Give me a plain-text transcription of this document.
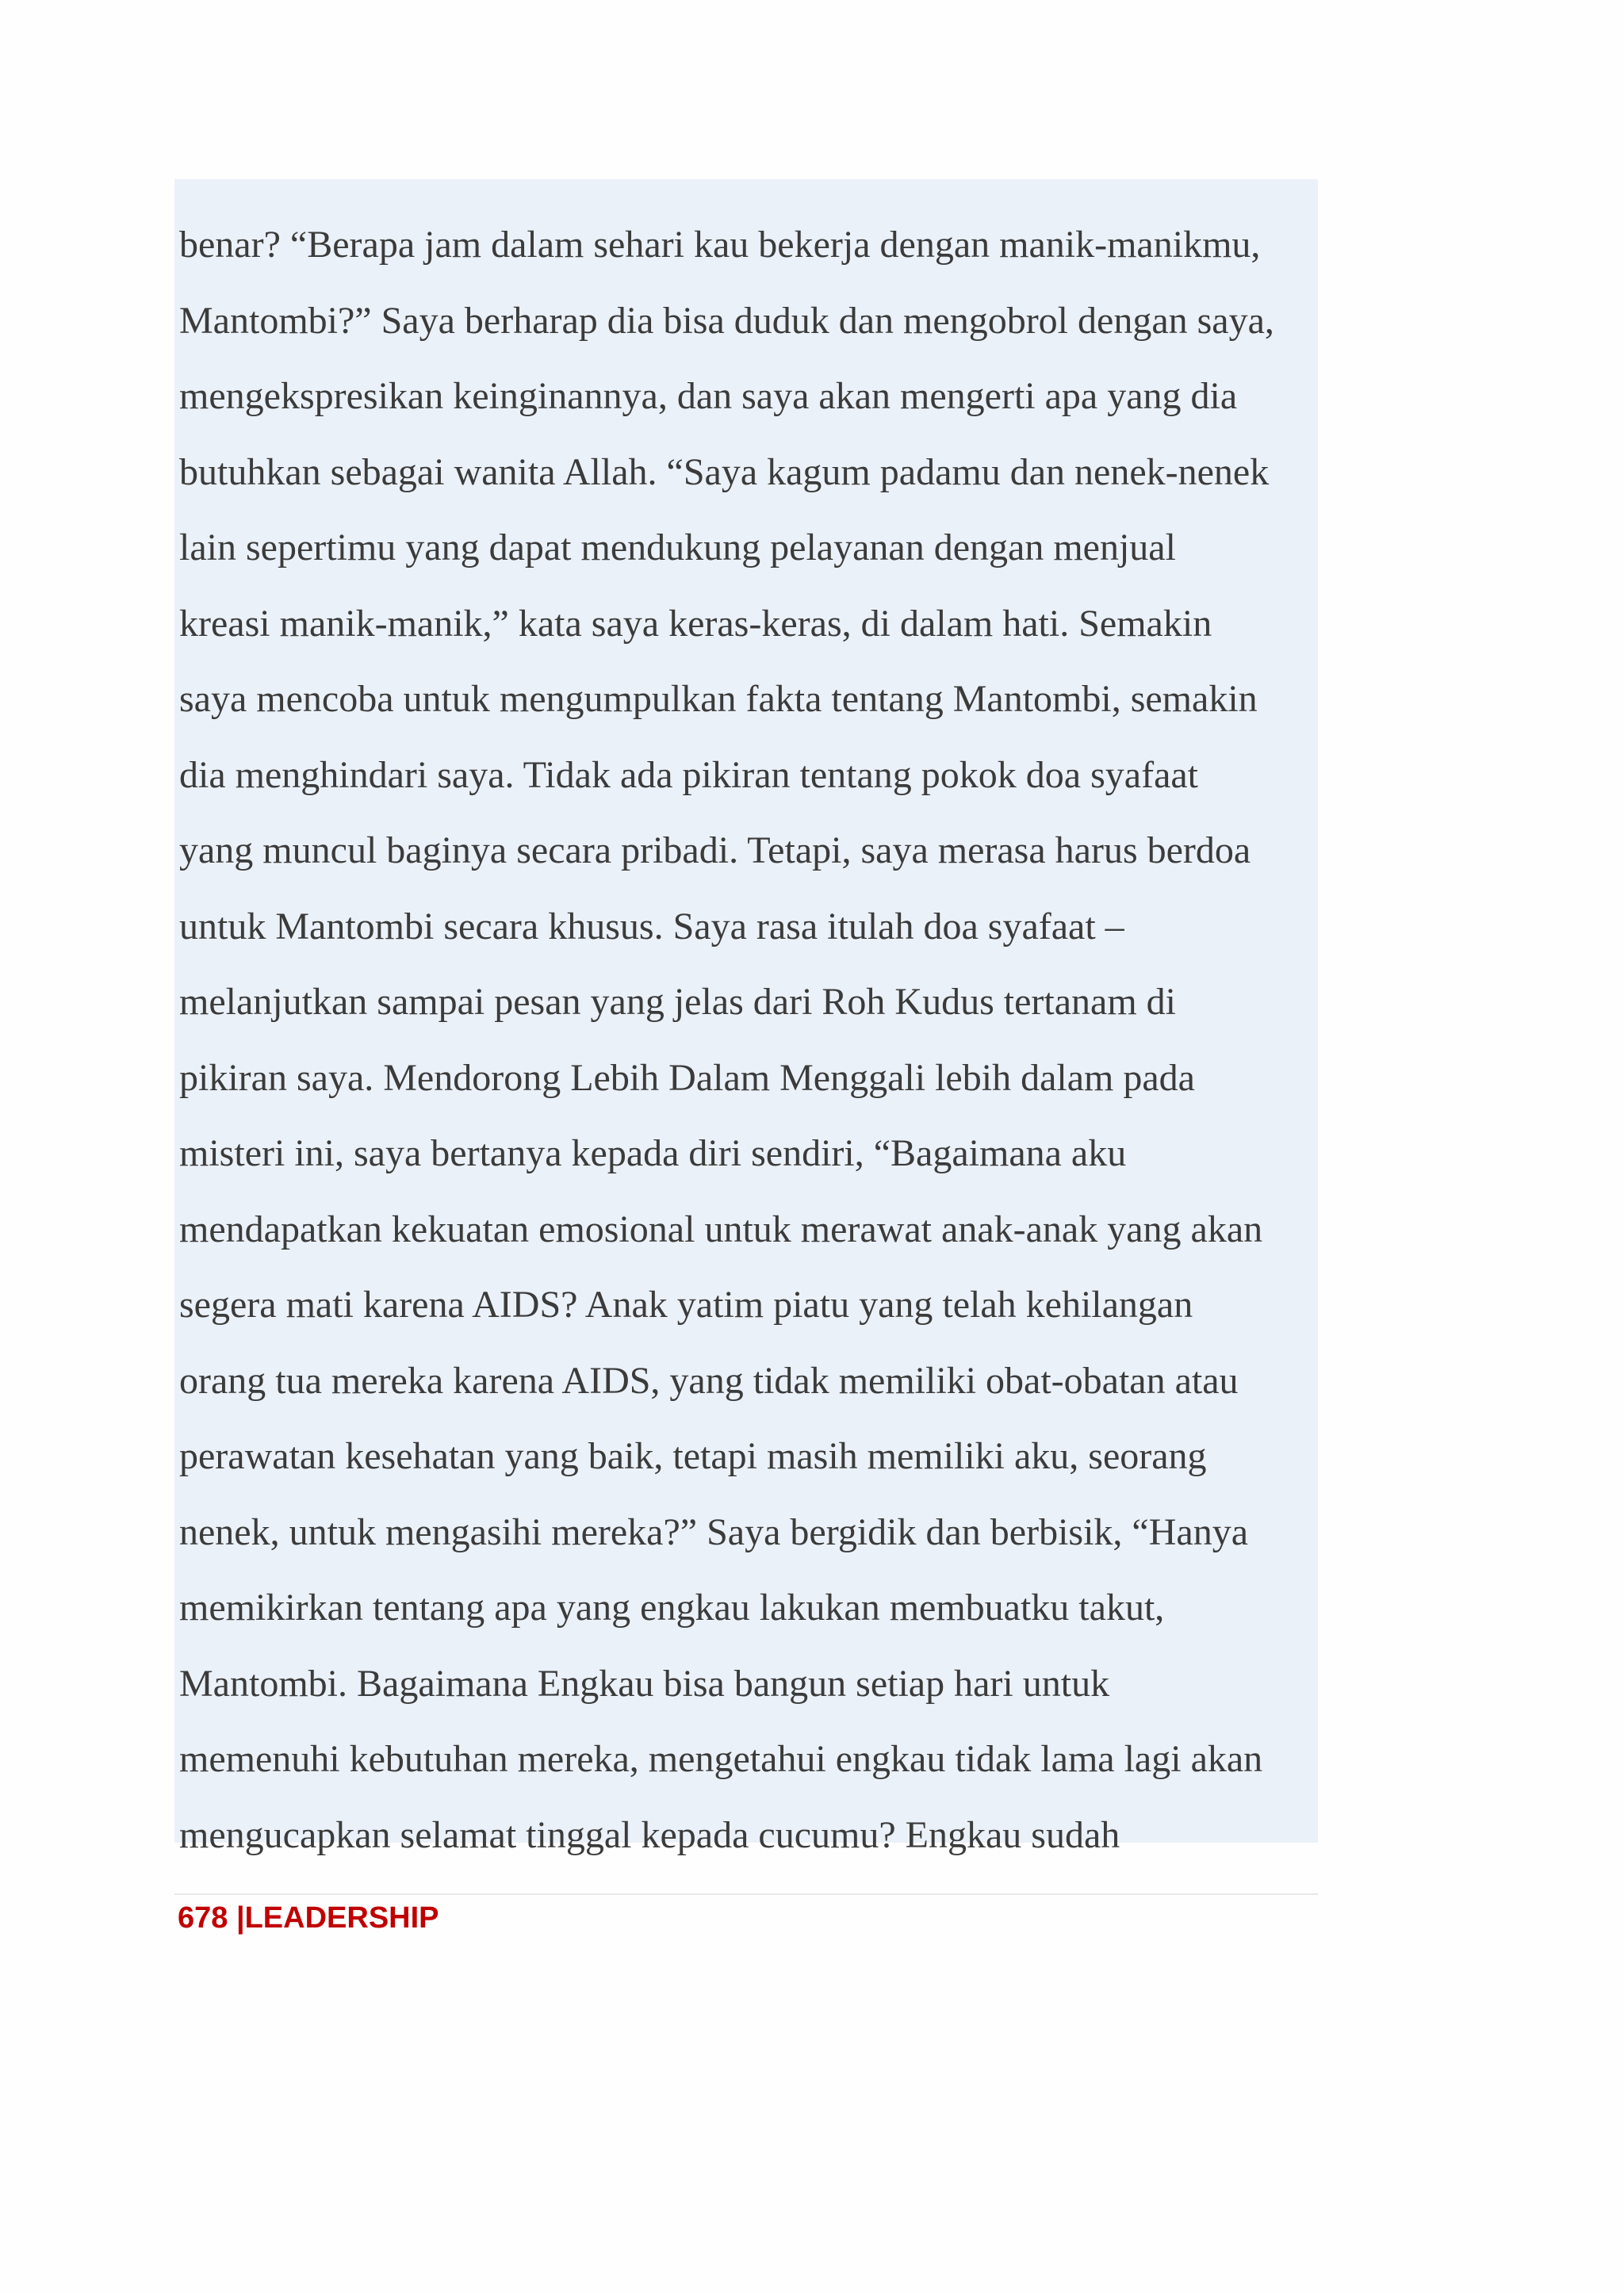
benar? “Berapa jam dalam sehari kau bekerja dengan manik-manikmu,
Mantombi?” Saya berharap dia bisa duduk dan mengobrol dengan saya,
mengekspresikan keinginannya, dan saya akan mengerti apa yang dia
butuhkan sebagai wanita Allah. “Saya kagum padamu dan nenek-nenek
lain sepertimu yang dapat mendukung pelayanan dengan menjual
kreasi manik-manik,” kata saya keras-keras, di dalam hati. Semakin
saya mencoba untuk mengumpulkan fakta tentang Mantombi, semakin
dia menghindari saya. Tidak ada pikiran tentang pokok doa syafaat
yang muncul baginya secara pribadi. Tetapi, saya merasa harus berdoa
untuk Mantombi secara khusus. Saya rasa itulah doa syafaat –
melanjutkan sampai pesan yang jelas dari Roh Kudus tertanam di
pikiran saya. Mendorong Lebih Dalam Menggali lebih dalam pada
misteri ini, saya bertanya kepada diri sendiri, “Bagaimana aku
mendapatkan kekuatan emosional untuk merawat anak-anak yang akan
segera mati karena AIDS? Anak yatim piatu yang telah kehilangan
orang tua mereka karena AIDS, yang tidak memiliki obat-obatan atau
perawatan kesehatan yang baik, tetapi masih memiliki aku, seorang
nenek, untuk mengasihi mereka?” Saya bergidik dan berbisik, “Hanya
memikirkan tentang apa yang engkau lakukan membuatku takut,
Mantombi. Bagaimana Engkau bisa bangun setiap hari untuk
memenuhi kebutuhan mereka, mengetahui engkau tidak lama lagi akan
mengucapkan selamat tinggal kepada cucumu? Engkau sudah
678 |LEADERSHIP
